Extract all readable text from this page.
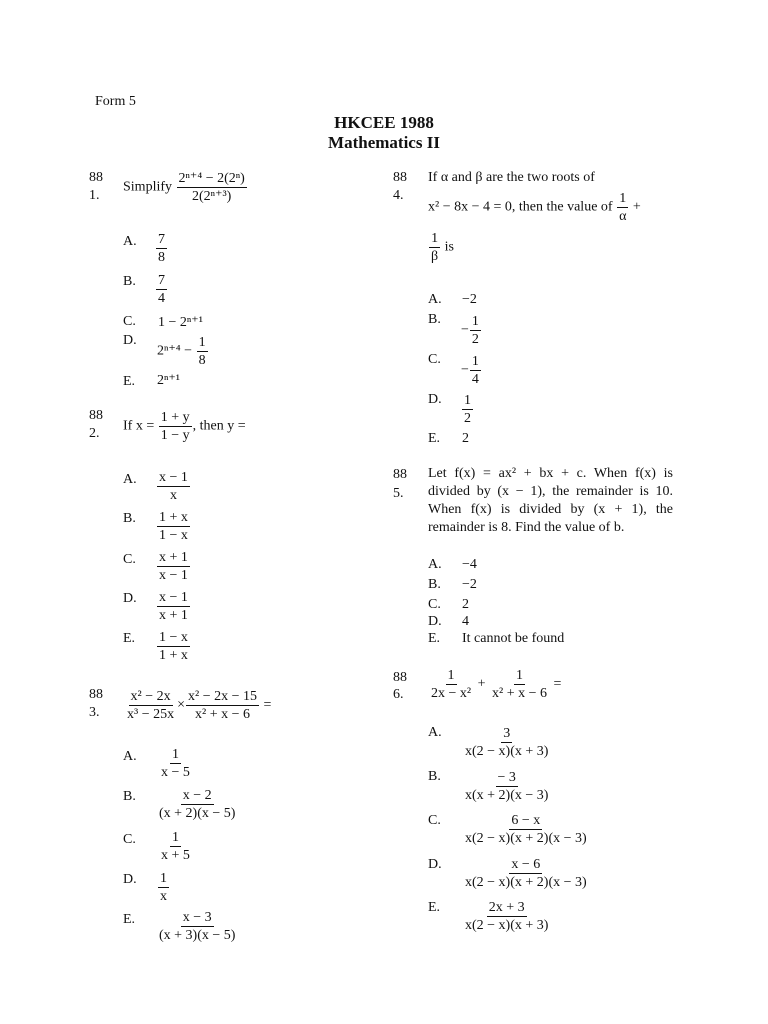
Form 5
HKCEE 1988
Mathematics II
88
1.
Simplify $\frac{\text{2ⁿ⁺⁴ − 2(2ⁿ)}}{\text{2(2ⁿ⁺³)}}$
A. $\frac{7}{8}$
B. $\frac{7}{4}$
C. 1 − 2ⁿ⁺¹
D.
$2^{n+4} - \frac{1}{8}$
E. 2ⁿ⁺¹
88
2. If $x = \frac{1 + y}{1 - y}$ , then y =
A. $\frac{x - 1}{x}$
B. $\frac{1 + x}{1 - x}$
C. $\frac{x + 1}{x - 1}$
D. $\frac{x - 1}{x + 1}$
E. $\frac{1 - x}{1 + x}$
88
3. $\frac{\text{x² − 2x}}{\text{x³ − 25x}} \times \frac{\text{x² − 2x − 15}}{\text{x² + x − 6}}$ =
A. $\frac{1}{x - 5}$
B. $\frac{x - 2}{(x + 2)(x - 5)}$
C. $\frac{1}{x + 5}$
D. $\frac{1}{x}$
E. $\frac{x - 3}{(x + 3)(x - 5)}$
88
4.
If α and β are the two roots of
x² − 8x − 4 = 0, then the value of $\frac{1}{\alpha}$ +
$\frac{1}{\beta}$ is
A. −2
B.
− $\frac{1}{2}$
C.
− $\frac{1}{4}$
D. $\frac{1}{2}$
E. 2
88
5.
Let f(x) = ax² + bx + c. When f(x) is divided by (x − 1), the remainder is 10. When f(x) is divided by (x + 1), the remainder is 8. Find the value of b.
A. −4
B. −2
C. 2
D. 4
E. It cannot be found
88
6. $\frac{1}{\text{2x − x²}} + \frac{1}{\text{x² + x − 6}}$ =
A. $\frac{3}{x(2 - x)(x + 3)}$
B. $\frac{- 3}{x(x + 2)(x - 3)}$
C. $\frac{6 - x}{x(2 - x)(x + 2)(x - 3)}$
D. $\frac{x - 6}{x(2 - x)(x + 2)(x - 3)}$
E. $\frac{2x + 3}{x(2 - x)(x + 3)}$
